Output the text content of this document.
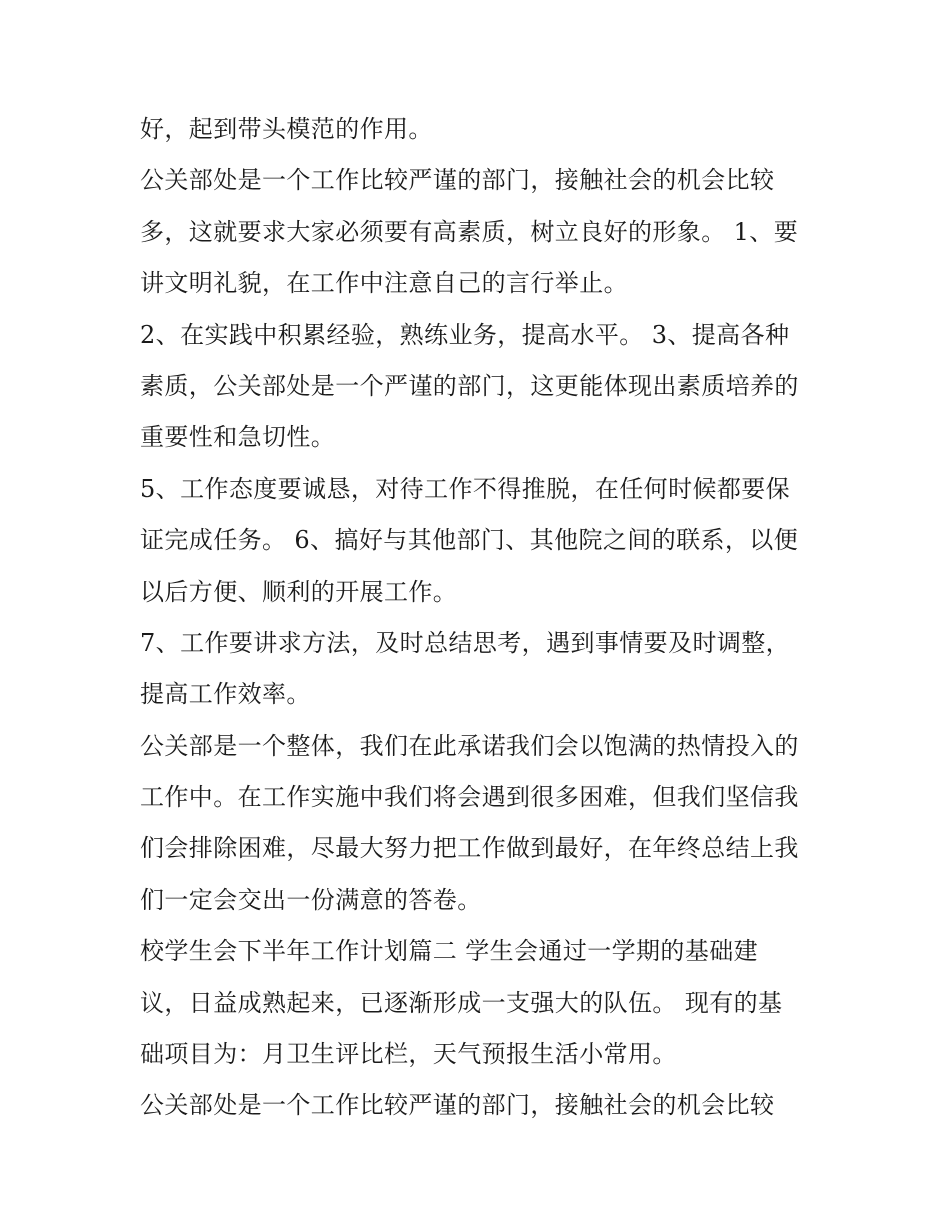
好，起到带头模范的作用。
公关部处是一个工作比较严谨的部门，接触社会的机会比较
多，这就要求大家必须要有高素质，树立良好的形象。 1、要
讲文明礼貌，在工作中注意自己的言行举止。
2、在实践中积累经验，熟练业务，提高水平。 3、提高各种
素质，公关部处是一个严谨的部门，这更能体现出素质培养的
重要性和急切性。
5、工作态度要诚恳，对待工作不得推脱，在任何时候都要保
证完成任务。 6、搞好与其他部门、其他院之间的联系，以便
以后方便、顺利的开展工作。
7、工作要讲求方法，及时总结思考，遇到事情要及时调整，
提高工作效率。
公关部是一个整体，我们在此承诺我们会以饱满的热情投入的
工作中。在工作实施中我们将会遇到很多困难，但我们坚信我
们会排除困难，尽最大努力把工作做到最好，在年终总结上我
们一定会交出一份满意的答卷。
校学生会下半年工作计划篇二 学生会通过一学期的基础建
议，日益成熟起来，已逐渐形成一支强大的队伍。 现有的基
础项目为：月卫生评比栏，天气预报生活小常用。
公关部处是一个工作比较严谨的部门，接触社会的机会比较
